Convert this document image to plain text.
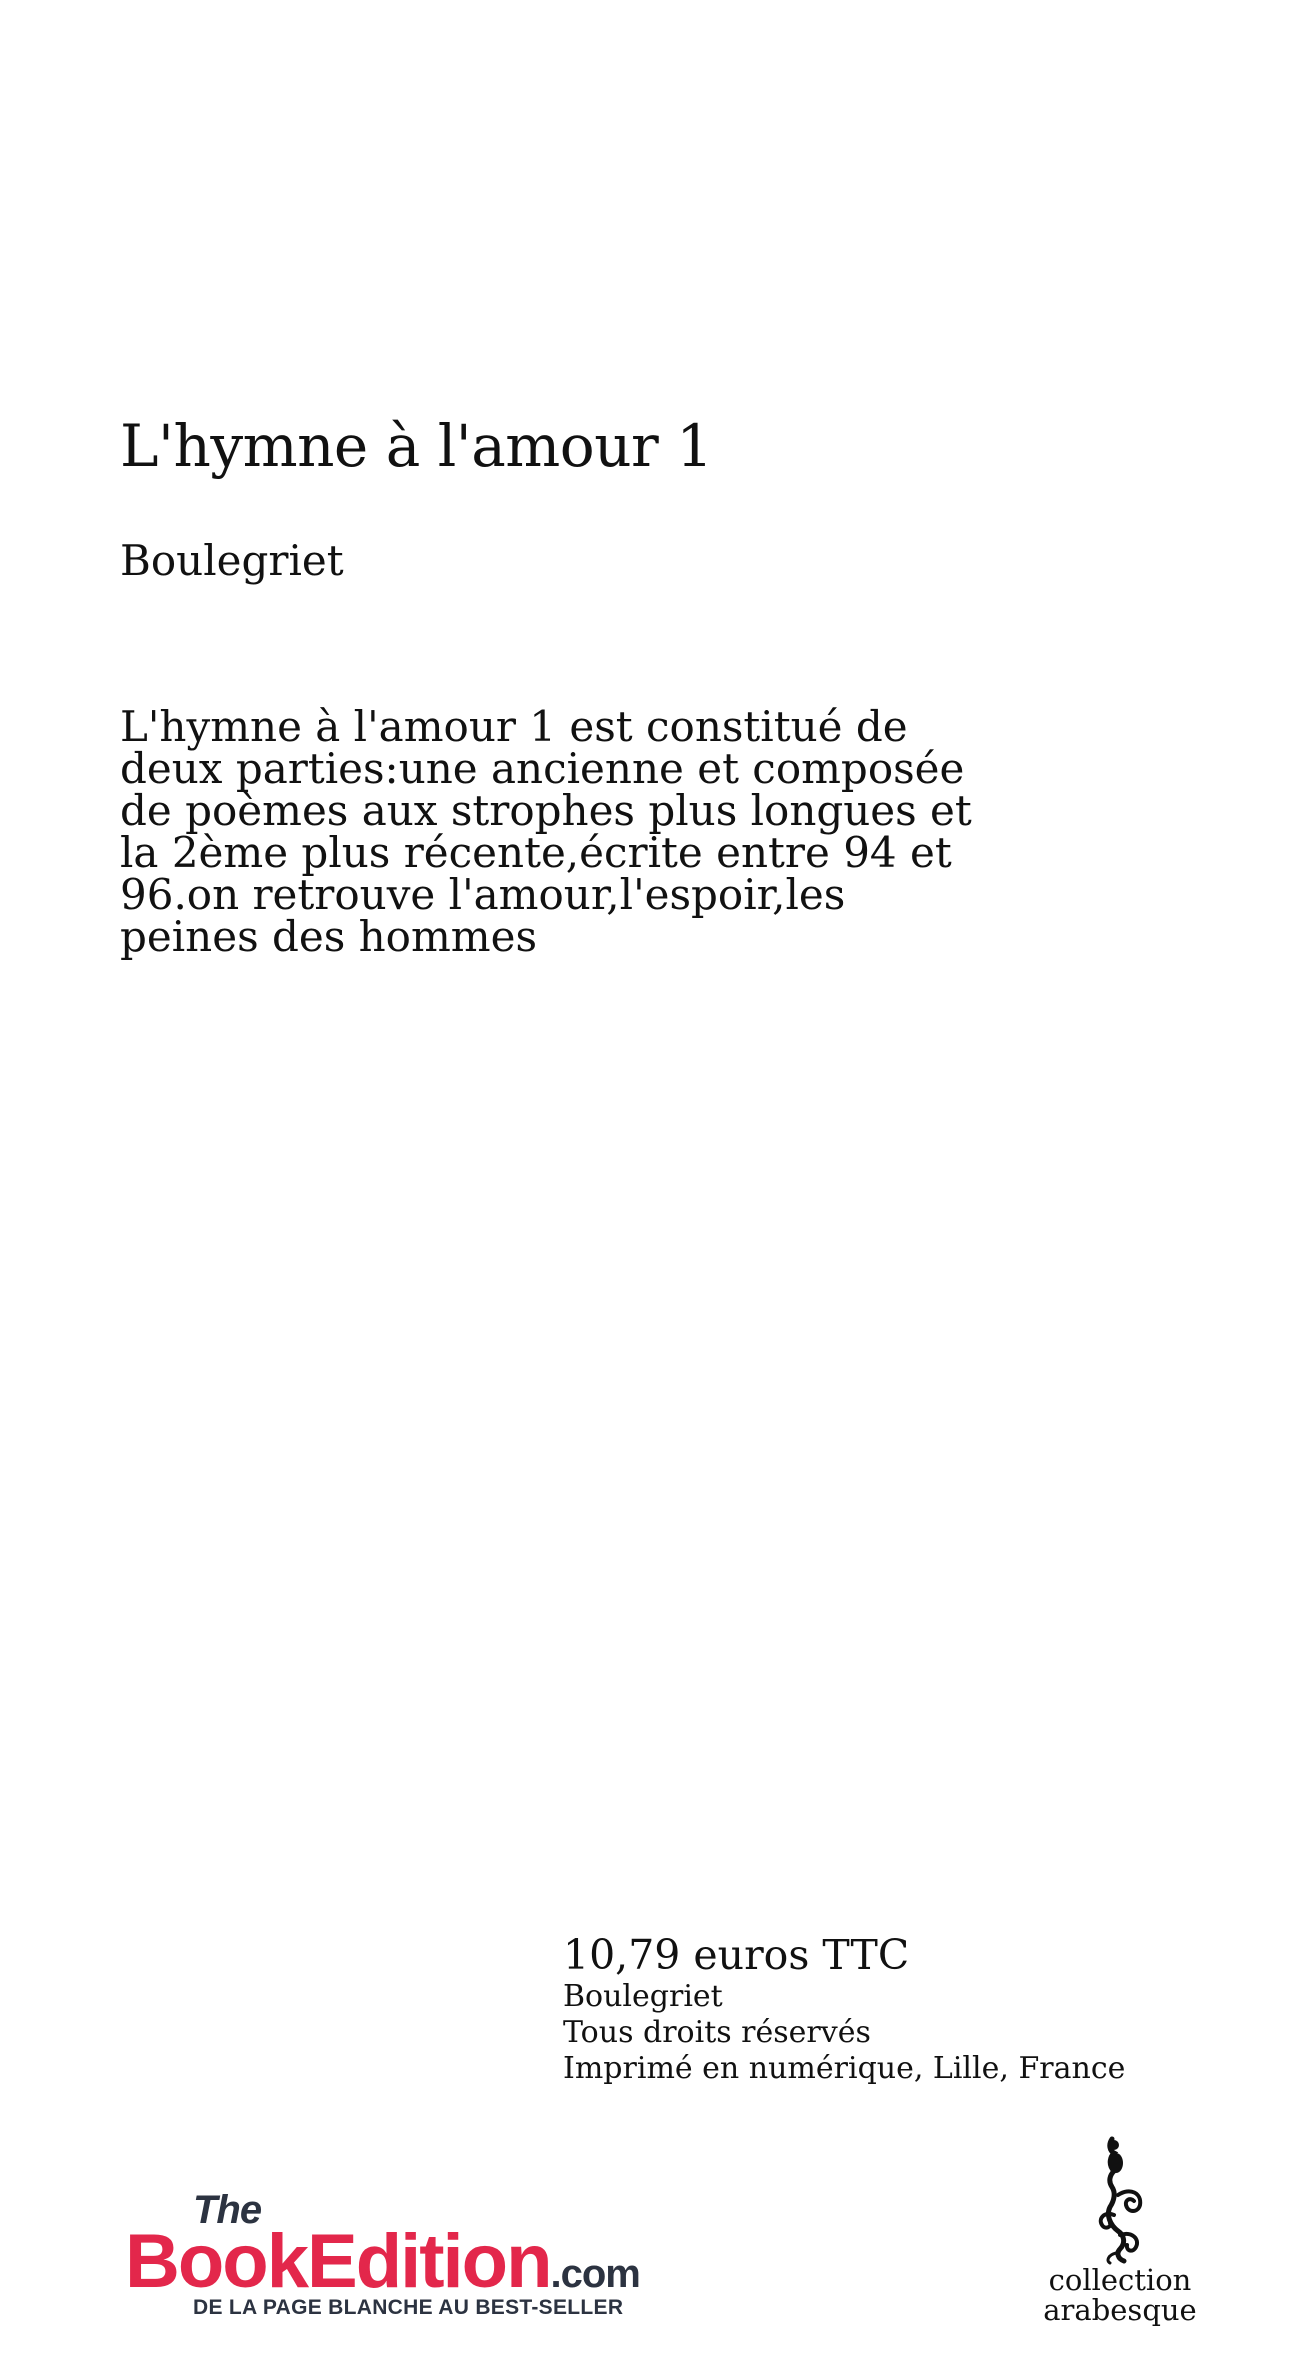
L'hymne à l'amour 1

Boulegriet

L'hymne à l'amour 1 est constitué de
deux parties:une ancienne et composée
de poèmes aux strophes plus longues et
la 2ème plus récente,écrite entre 94 et
96.on retrouve l'amour,l'espoir,les
peines des hommes

10,79 euros TTC

Boulegriet

Tous droits réservés

Imprimé en numérique, Lille, France

The
BookEdition.com
DE LA PAGE BLANCHE AU BEST-SELLER

collection

arabesque
